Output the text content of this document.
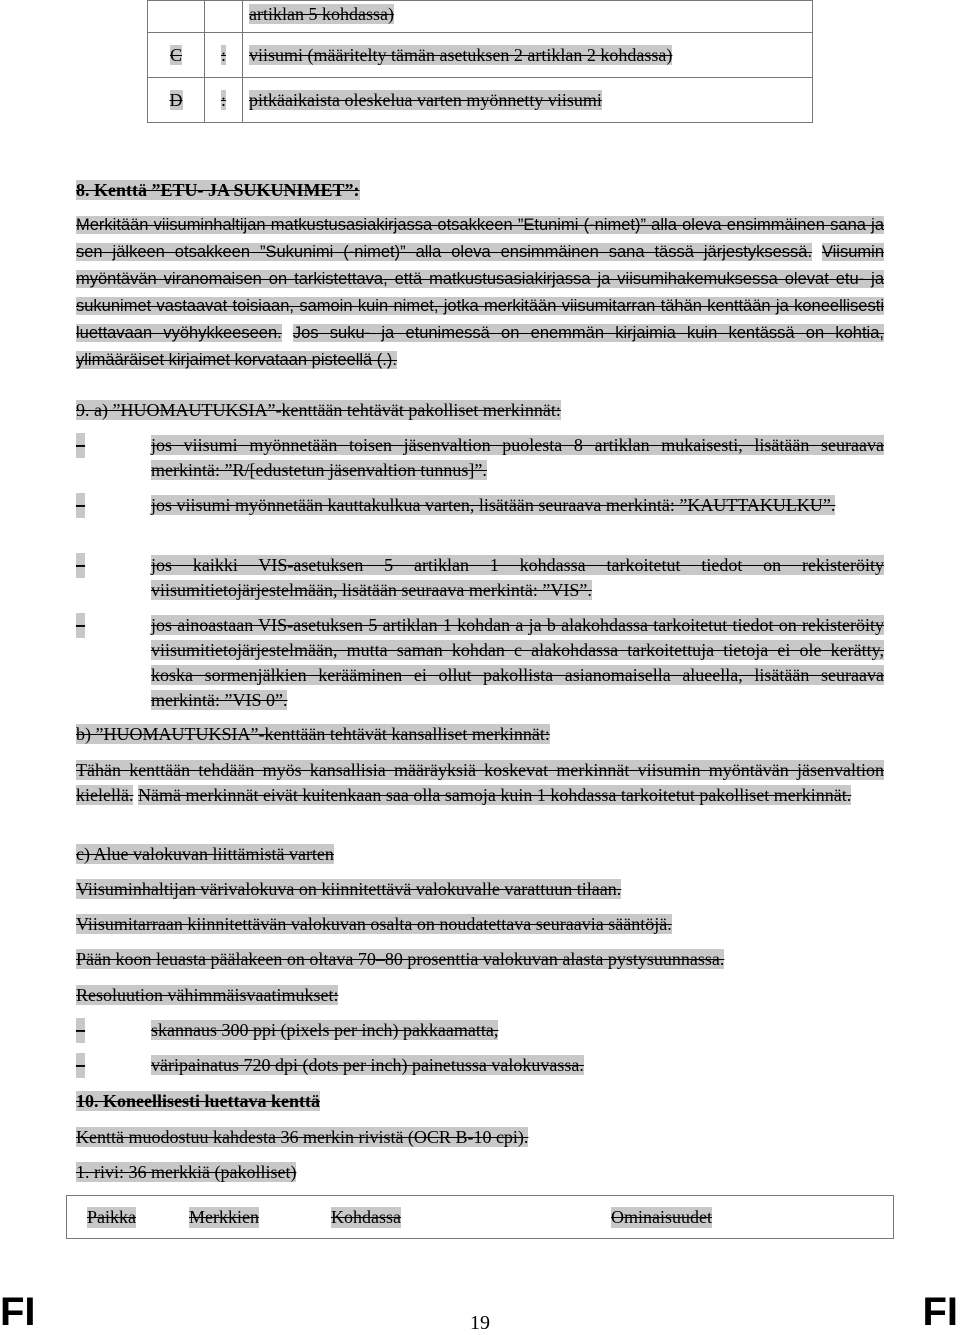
		artiklan 5 kohdassa)
C	:	viisumi (määritelty tämän asetuksen 2 artiklan 2 kohdassa)
D	:	pitkäaikaista oleskelua varten myönnetty viisumi
8. Kenttä ”ETU- JA SUKUNIMET”:
Merkitään viisuminhaltijan matkustusasiakirjassa otsakkeen ”Etunimi (-nimet)” alla oleva ensimmäinen sana ja sen jälkeen otsakkeen ”Sukunimi (-nimet)” alla oleva ensimmäinen sana tässä järjestyksessä. Viisumin myöntävän viranomaisen on tarkistettava, että matkustusasiakirjassa ja viisumihakemuksessa olevat etu- ja sukunimet vastaavat toisiaan, samoin kuin nimet, jotka merkitään viisumitarran tähän kenttään ja koneellisesti luettavaan vyöhykkeeseen. Jos suku- ja etunimessä on enemmän kirjaimia kuin kentässä on kohtia, ylimääräiset kirjaimet korvataan pisteellä (.).
9. a) ”HUOMAUTUKSIA”-kenttään tehtävät pakolliset merkinnät:
–	jos viisumi myönnetään toisen jäsenvaltion puolesta 8 artiklan mukaisesti, lisätään seuraava merkintä: ”R/[edustetun jäsenvaltion tunnus]”.
–	jos viisumi myönnetään kauttakulkua varten, lisätään seuraava merkintä: ”KAUTTAKULKU”.
–	jos kaikki VIS-asetuksen 5 artiklan 1 kohdassa tarkoitetut tiedot on rekisteröity viisumitietojärjestelmään, lisätään seuraava merkintä: ”VIS”.
–	jos ainoastaan VIS-asetuksen 5 artiklan 1 kohdan a ja b alakohdassa tarkoitetut tiedot on rekisteröity viisumitietojärjestelmään, mutta saman kohdan c alakohdassa tarkoitettuja tietoja ei ole kerätty, koska sormenjälkien kerääminen ei ollut pakollista asianomaisella alueella, lisätään seuraava merkintä: ”VIS 0”.
b) ”HUOMAUTUKSIA”-kenttään tehtävät kansalliset merkinnät:
Tähän kenttään tehdään myös kansallisia määräyksiä koskevat merkinnät viisumin myöntävän jäsenvaltion kielellä. Nämä merkinnät eivät kuitenkaan saa olla samoja kuin 1 kohdassa tarkoitetut pakolliset merkinnät.
c) Alue valokuvan liittämistä varten
Viisuminhaltijan värivalokuva on kiinnitettävä valokuvalle varattuun tilaan.
Viisumitarraan kiinnitettävän valokuvan osalta on noudatettava seuraavia sääntöjä.
Pään koon leuasta päälakeen on oltava 70–80 prosenttia valokuvan alasta pystysuunnassa.
Resoluution vähimmäisvaatimukset:
–	skannaus 300 ppi (pixels per inch) pakkaamatta,
–	väripainatus 720 dpi (dots per inch) painetussa valokuvassa.
10. Koneellisesti luettava kenttä
Kenttä muodostuu kahdesta 36 merkin rivistä (OCR B-10 cpi).
1. rivi: 36 merkkiä (pakolliset)
Paikka	Merkkien	Kohdassa	Ominaisuudet
FI	19	FI
